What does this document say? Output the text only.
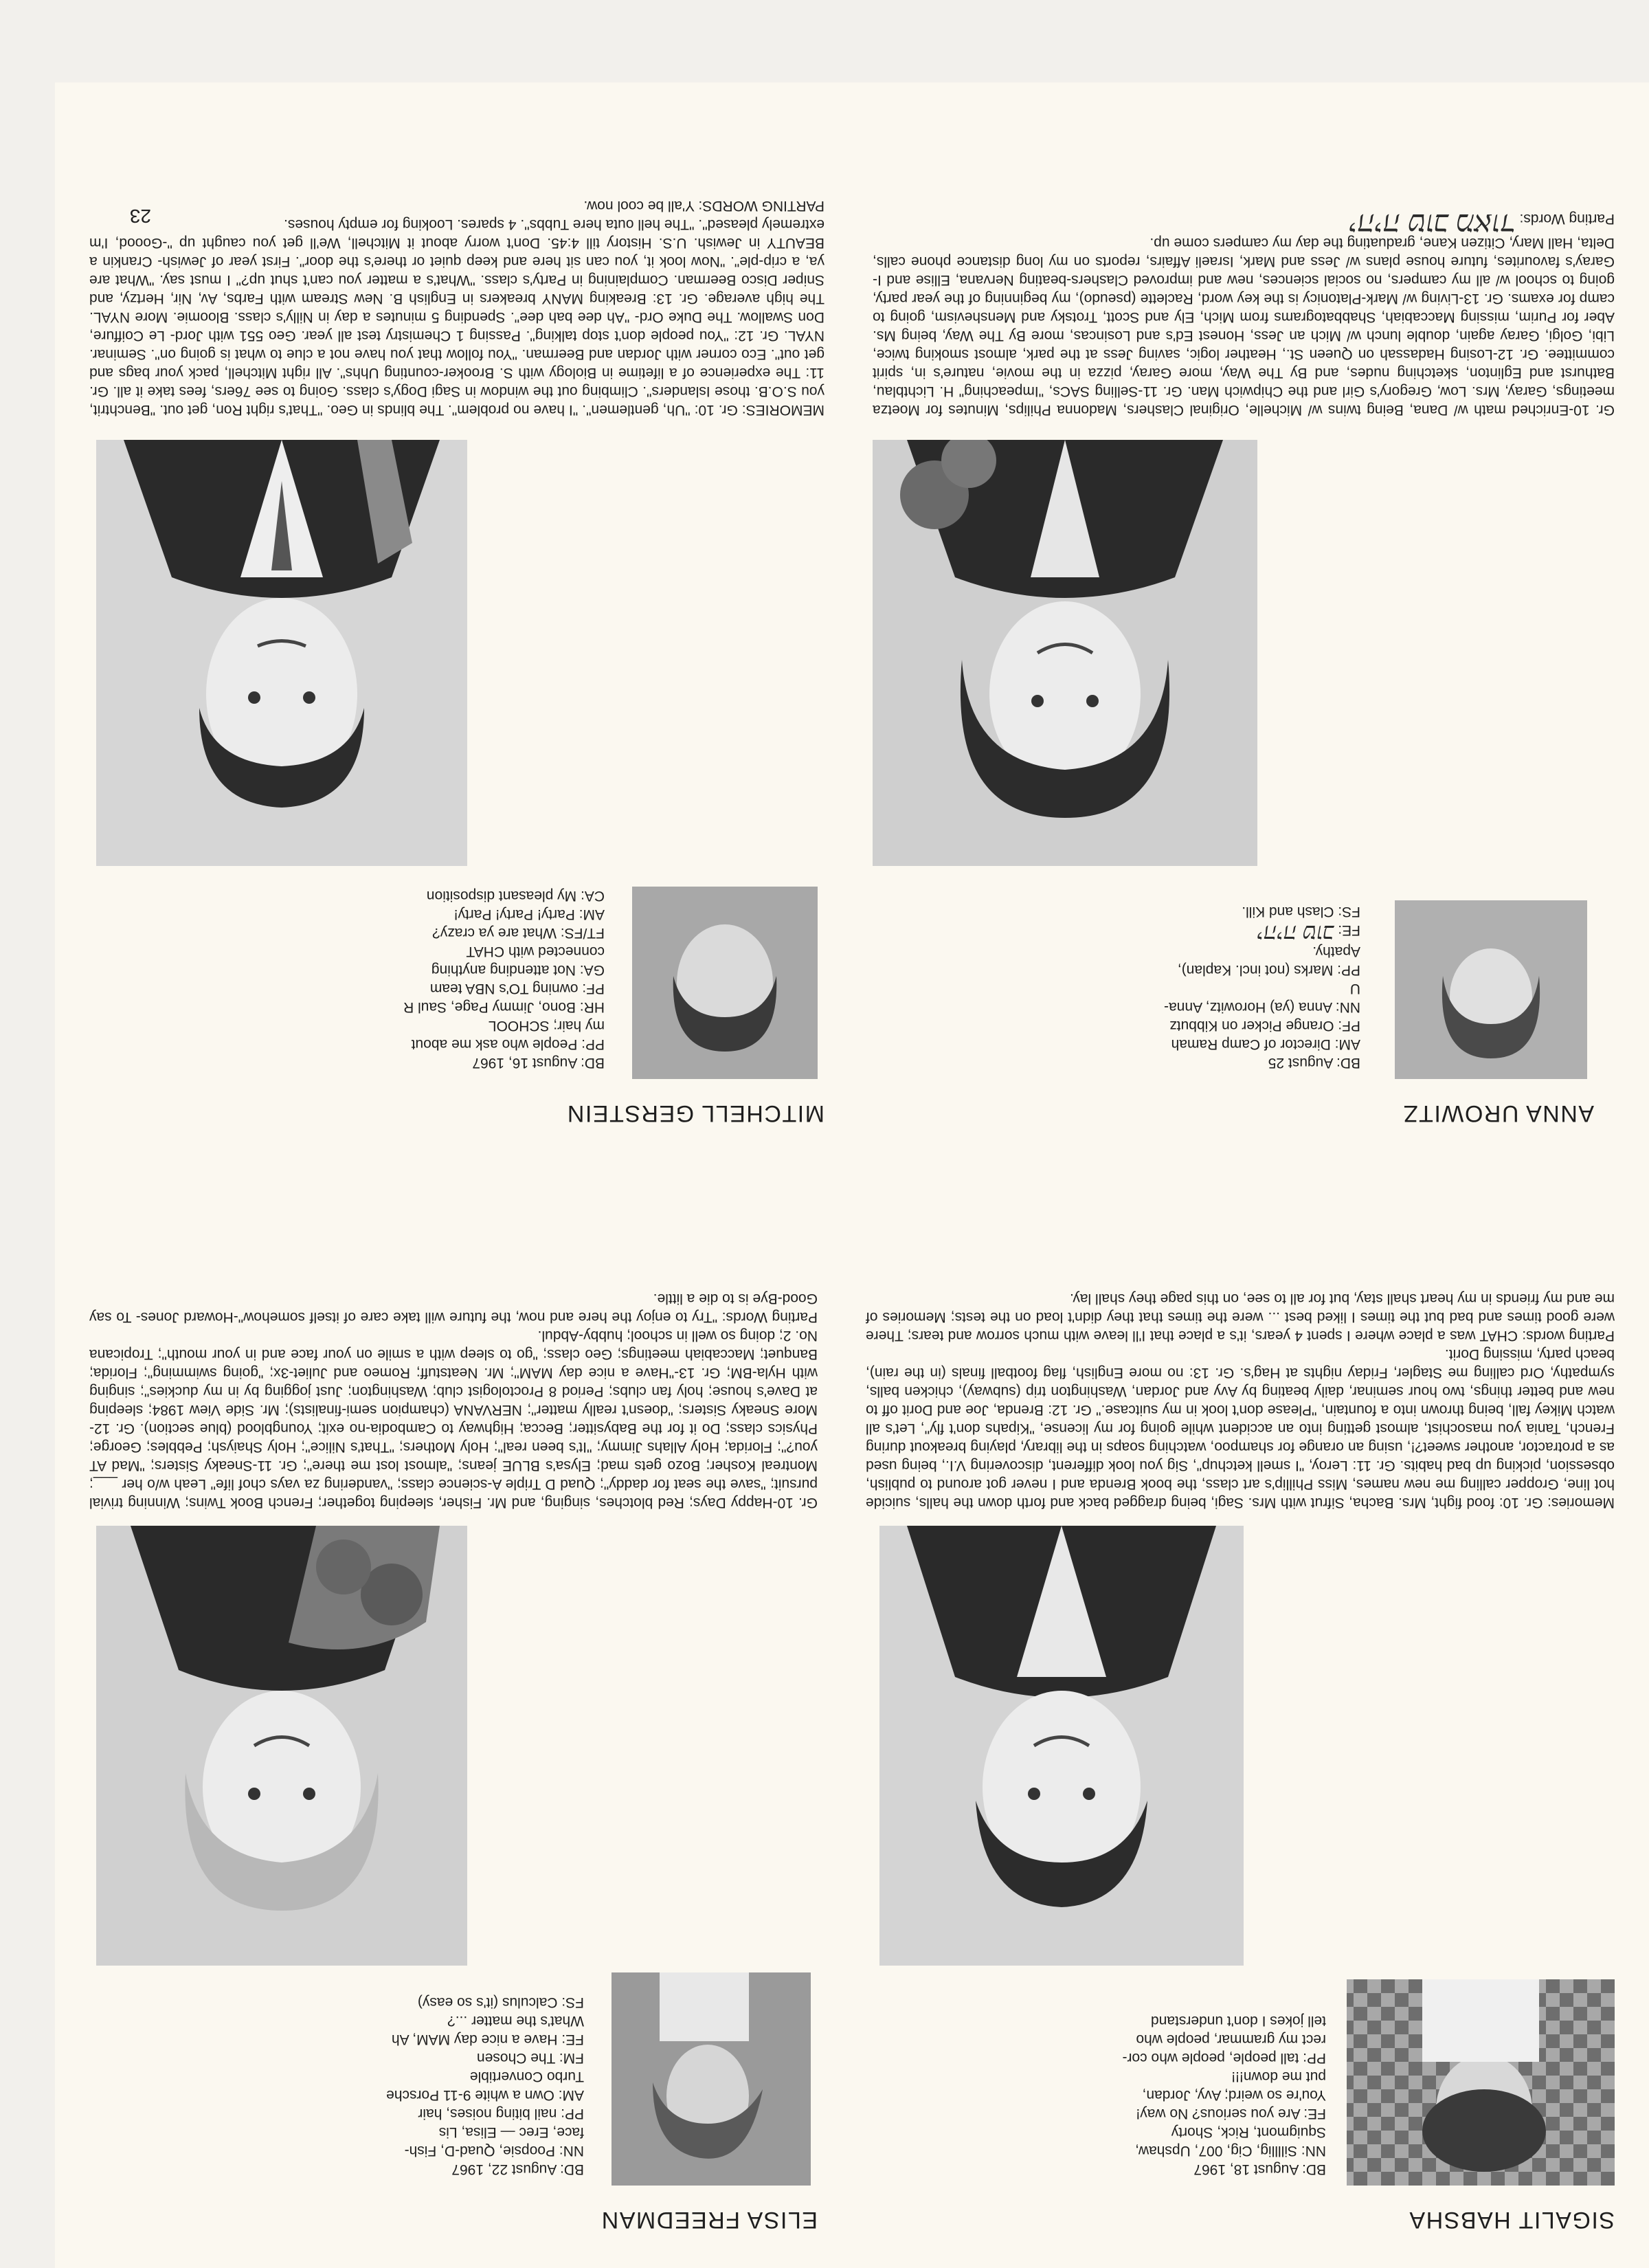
23
SIGALIT HABSHA
BD: August 18, 1967
NN: Sillllig, Cig, 007, Upshaw,
Squigmont, Rick, Shorty
FE: Are you serious? No way!
You're so weird; Avy, Jordan,
put me down!!!
PP: tall people, people who cor-
rect my grammar, people who
tell jokes I don't understand

Memories: Gr. 10: food fight, Mrs. Bacha, Sifrut with Mrs. Sagi, being dragged back and forth down the halls, suicide hot line, Gropper calling me new names, Miss Phillip's art class, the book Brenda and I never got around to publish, obsession, picking up bad habits. Gr. 11: Leroy, "I smell ketchup", Sig you look different, discovering V.I., being used as a protractor, another sweet?!, using an orange for shampoo, watching soaps in the library, playing breakout during French, Tania you masochist, almost getting into an accident while going for my license, "Kipahs don't fly", Let's all watch Mikey fall, being thrown into a fountain, "Please don't look in my suitcase." Gr. 12: Brenda, Joe and Dorit off to new and better things, two hour seminar, daily beating by Avy and Jordan, Washington trip (subway), chicken balls, sympathy, Ord calling me Stagler, Friday nights at Hag's. Gr. 13: no more English, flag football finals (in the rain), beach party, missing Dorit.

Parting words: CHAT was a place where I spent 4 years, it's a place that I'll leave with much sorrow and tears; There were good times and bad but the times I liked best ... were the times that they didn't load on the tests; Memories of me and my friends in my heart shall stay, but for all to see, on this page they shall lay.

ELISA FREEDMAN
BD: August 22, 1967
NN: Poopsie, Quad-D, Fish-
face, Erec — Elisa, Lis
PP: nail biting noises, hair
AM: Own a white 9-11 Porsche
Turbo Convertible
FM: The Chosen
FE: Have a nice day MAM, Ah
What's the matter ...?
FS: Calculus (it's so easy)

Gr. 10-Happy Days; Red blotches, singing, and Mr. Fisher, sleeping together; French Book Twins; Winning trivial pursuit; "save the seat for daddy"; Quad D Triple A-science class; "vandering za vays chof life" Leah w/o her ___; Montreal Kosher; Bozo gets mad; Elysa's BLUE jeans; "almost lost me there"; Gr. 11-Sneaky Sisters; "Mad AT you?"; Florida; Holy Allahs Jimmy; "It's been real"; Holy Mothers; "That's Nilice"; Holy Shaiysh; Pebbles; George; Physics class; Do it for the Babysitter; Becca; Highway to Cambodia-no exit; Youngblood (blue section). Gr. 12-More Sneaky Sisters; "doesn't really matter"; NERVANA (champion semi-finalists); Mr. Side View 1984; sleeping at Dave's house; holy fan clubs; Period 8 Proctologist club; Washington; Just jogging by in my duckies"; singing with Hyla-BM; Gr. 13-"Have a nice day MAM"; Mr. Neatstuff; Romeo and Juliet-3x; "going swimming"; Florida; Banquet; Maccabiah meetings; Geo class; "go to sleep with a smile on your face and in your mouth"; Tropicana No. 2; doing so well in school; hubby-Abdul.

Parting Words: "Try to enjoy the here and now, the future will take care of itself somehow"-Howard Jones- To say Good-Bye is to die a little.

ANNA UROWITZ
BD: August 25
AM: Director of Camp Ramah
PF: Orange Picker on Kibbutz
NN: Anna (ya) Horowitz, Anna-
U
PP: Marks (not incl. Kaplan),
Apathy.
FE: יהיה טוב
FS: Clash and Kill.

Gr. 10-Enriched math w/ Dana, Being twins w/ Michelle, Original Clashers, Madonna Philips, Minutes for Moetza meetings, Garay, Mrs. Low, Gregory's Girl and the Chipwich Man. Gr. 11-Selling SACs, "Impeaching" H. Lichtblau, Bathurst and Eglinton, sketching nudes, and By The Way, more Garay, pizza in the movie, nature's in, spirit committee. Gr. 12-Losing Hadassah on Queen St., Heather logic, saving Jess at the park, almost smoking twice, Libi, Golgi, Garay again, double lunch w/ Mich an Jess, Honest Ed's and Losincas, more By The Way, being Ms. Aber for Purim, missing Maccabiah, Shabbatograms from Mich, Ely and Scott, Trotsky and Menshevism, going to camp for exams. Gr. 13-Living w/ Mark-Platonicy is the key word, Raclette (pseudo), my beginning of the year party, going to school w/ all my campers, no social sciences, new and improved Clashers-beating Nervana, Ellise and I-Garay's favourites, future house plans w/ Jess and Mark, Israeli Affairs, reports on my long distance phone calls, Delta, Hall Mary, Citizen Kane, graduating the day my campers come up.

Parting Words: יהיה טוב מאוד

MITCHELL GERSTEIN
BD: August 16, 1967
PP: People who ask me about
my hair; SCHOOL
HR: Bono, Jimmy Page, Saul R
PF: owning TO's NBA team
GA: Not attending anything
connected with CHAT
FT/FS: What are ya crazy?
AM: Party! Party! Party!
CA: My pleasant disposition

MEMORIES: Gr. 10: "Uh, gentlemen". "I have no problem". The blinds in Geo. "That's right Ron, get out. "Benchtrit, you S.O.B. those Islanders". Climbing out the window in Sagi Dogy's class. Going to see 76ers, fees take it all. Gr. 11: The experience of a lifetime in Biology with S. Brooker-counting Uhhs". All right Mitchell, pack your bags and get out". Eco corner with Jordan and Beerman. "You follow that you have not a clue to what is going on". Seminar. NYAL. Gr. 12: "You people don't stop talking". Passing 1 Chemistry test all year. Geo 551 with Jord- Le Coiffure, Don Swallow. The Duke Ord- "Ah dee bah dee". Spending 5 minutes a day in Nilly's class. Bloomie. More NYAL. The high average. Gr. 13: Breaking MANY breakers in English B. New Stream with Farbs, Av, Nir, Hertzy, and Sniper Disco Beerman. Complaining in Party's class. "What's a matter you can't shut up?" I must say. "What are ya, a crip-ple". "Now look it, you can sit here and keep quiet or there's the door". First year of Jewish- Crankin a BEAUTY in Jewish. U.S. History till 4:45. Don't worry about it Mitchell, We'll get you caught up "-Goood, I'm extremely pleased". "The hell outa here Tubbs". 4 spares. Looking for empty houses.

PARTING WORDS: Y'all be cool now.
